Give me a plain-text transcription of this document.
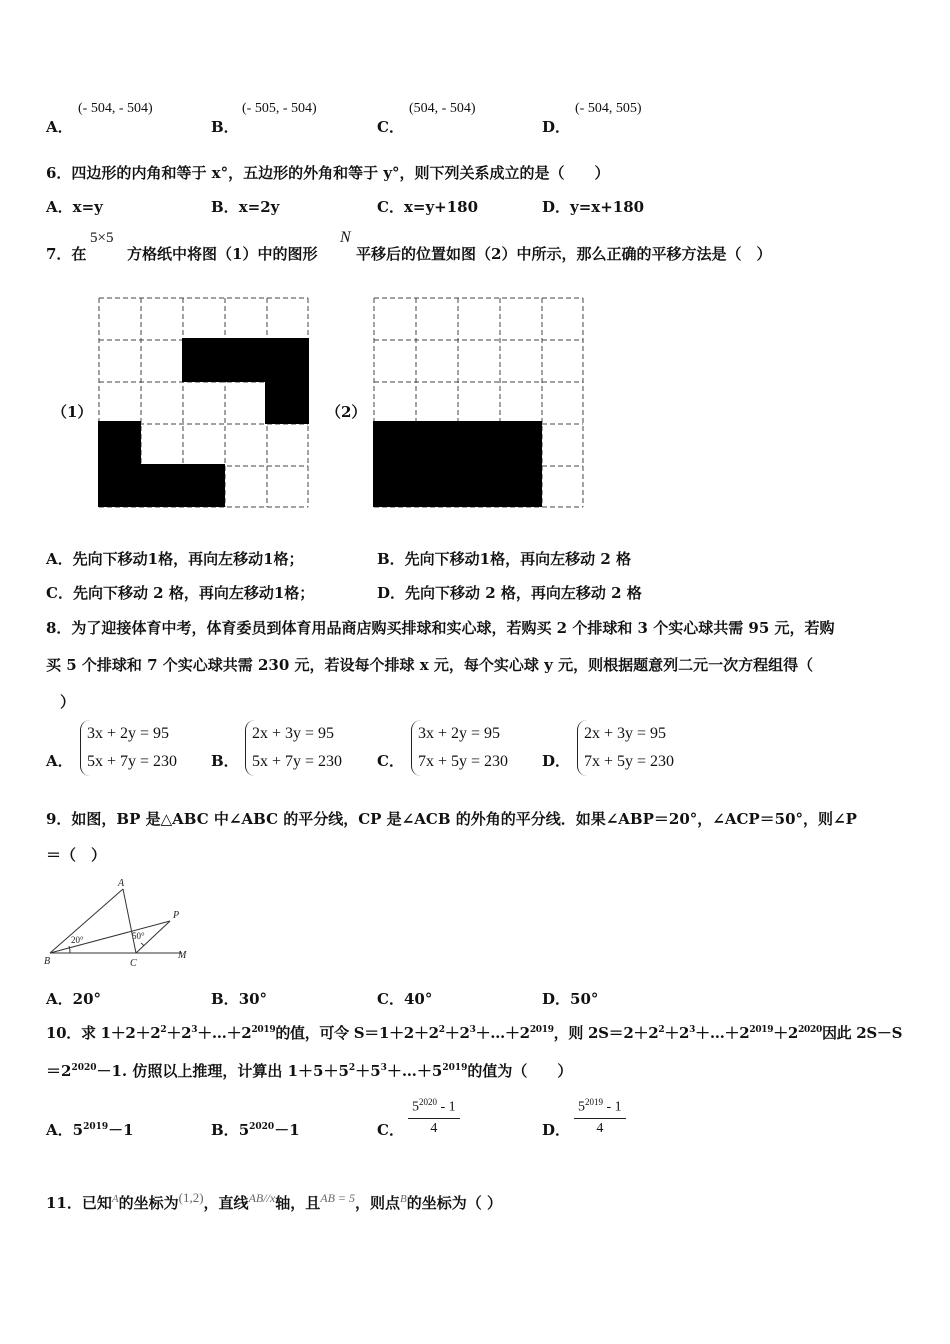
A．
(- 504, - 504)
B．
(- 505, - 504)
C．
(504, - 504)
D．
(- 504, 505)
6．四边形的内角和等于 x°，五边形的外角和等于 y°，则下列关系成立的是（　　）
A．x=y	B．x=2y	C．x=y+180	D．y=x+180
7．在
5×5
方格纸中将图（1）中的图形
N
平移后的位置如图（2）中所示，那么正确的平移方法是（　）
（1）	（2）
A．先向下移动1格，再向左移动1格；	B．先向下移动1格，再向左移动 2 格
C．先向下移动 2 格，再向左移动1格；	D．先向下移动 2 格，再向左移动 2 格
8．为了迎接体育中考，体育委员到体育用品商店购买排球和实心球，若购买 2 个排球和 3 个实心球共需 95 元，若购
买 5 个排球和 7 个实心球共需 230 元，若设每个排球 x 元，每个实心球 y 元，则根据题意列二元一次方程组得（
）
A．
3x + 2y = 95
5x + 7y = 230 B．
2x + 3y = 95
5x + 7y = 230 C．
3x + 2y = 95
7x + 5y = 230 D．
2x + 3y = 95
7x + 5y = 230
9．如图，BP 是△ABC 中∠ABC 的平分线，CP 是∠ACB 的外角的平分线．如果∠ABP＝20°，∠ACP＝50°，则∠P
＝（　）
A
B	C
P
M
20°	50°
A．20°	B．30°	C．40°	D．50°
10．求 $1+2+2^2+2^3+\dots+2^{2019}$的值，可令 $S=1+2+2^2+2^3+\dots+2^{2019}$，则 $2S=2+2^2+2^3+\dots+2^{2019}+2^{2020}$因此 2S－S
$=2^{2020}-1$. 仿照以上推理，计算出 $1+5+5^2+5^3+\dots+5^{2019}$的值为（　　）
A．$5^{2019}-1$	B．$5^{2020}-1$	C． $\frac{5^{2020} - 1}{4}$	D． $\frac{5^{2019} - 1}{4}$
11．已知$^A$的坐标为(1,2)，直线$^{AB//x}$轴，且$^{AB = 5}$，则点$^B$的坐标为（ ）
